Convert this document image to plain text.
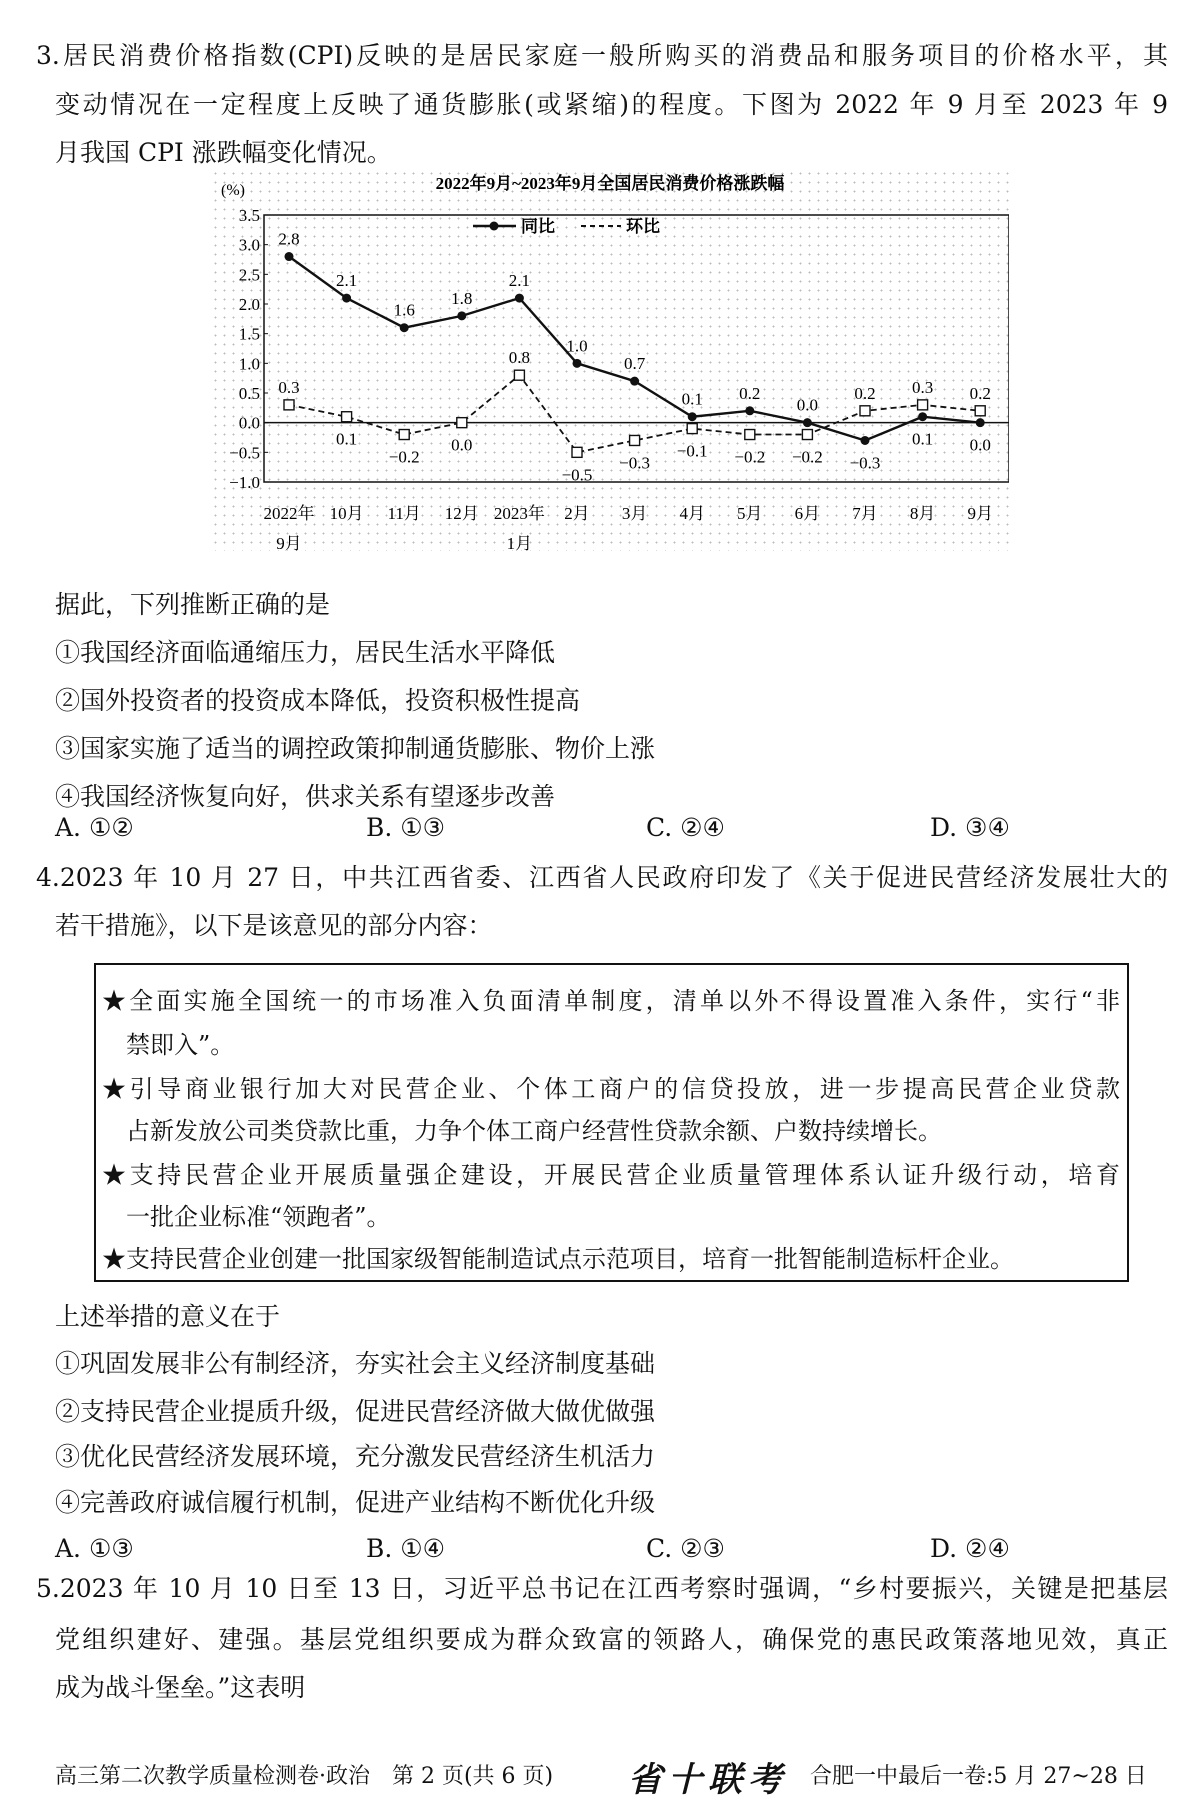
3.居民消费价格指数(CPI)反映的是居民家庭一般所购买的消费品和服务项目的价格水平，其
变动情况在一定程度上反映了通货膨胀(或紧缩)的程度。下图为 2022 年 9 月至 2023 年 9
月我国 CPI 涨跌幅变化情况。
2022年9月~2023年9月全国居民消费价格涨跌幅
(%)
3.5
3.0
2.5
2.0
1.5
1.0
0.5
0.0
−0.5
−1.0
2022年
9月
10月 11月 12月 2023年
1月
2月 3月 4月 5月 6月 7月 8月 9月
同比	环比
2.8
2.1
1.6
1.8
2.1
1.0
0.7
0.1 0.2
0.0
−0.3
0.1 0.0
0.3
0.1
−0.2
0.0
0.8
−0.5
−0.3
−0.1 −0.2 −0.2
0.2 0.3 0.2
据此，下列推断正确的是
①我国经济面临通缩压力，居民生活水平降低
②国外投资者的投资成本降低，投资积极性提高
③国家实施了适当的调控政策抑制通货膨胀、物价上涨
④我国经济恢复向好，供求关系有望逐步改善
A. ①②	B. ①③	C. ②④	D. ③④
4.2023 年 10 月 27 日，中共江西省委、江西省人民政府印发了《关于促进民营经济发展壮大的
若干措施》，以下是该意见的部分内容：
★全面实施全国统一的市场准入负面清单制度，清单以外不得设置准入条件，实行“非
禁即入”。
★引导商业银行加大对民营企业、个体工商户的信贷投放，进一步提高民营企业贷款
占新发放公司类贷款比重，力争个体工商户经营性贷款余额、户数持续增长。
★支持民营企业开展质量强企建设，开展民营企业质量管理体系认证升级行动，培育
一批企业标准“领跑者”。
★支持民营企业创建一批国家级智能制造试点示范项目，培育一批智能制造标杆企业。
上述举措的意义在于
①巩固发展非公有制经济，夯实社会主义经济制度基础
②支持民营企业提质升级，促进民营经济做大做优做强
③优化民营经济发展环境，充分激发民营经济生机活力
④完善政府诚信履行机制，促进产业结构不断优化升级
A. ①③	B. ①④	C. ②③	D. ②④
5.2023 年 10 月 10 日至 13 日，习近平总书记在江西考察时强调，“乡村要振兴，关键是把基层
党组织建好、建强。基层党组织要成为群众致富的领路人，确保党的惠民政策落地见效，真正
成为战斗堡垒。”这表明
高三第二次教学质量检测卷·政治　第 2 页(共 6 页) 省十联考 合肥一中最后一卷:5 月 27~28 日
